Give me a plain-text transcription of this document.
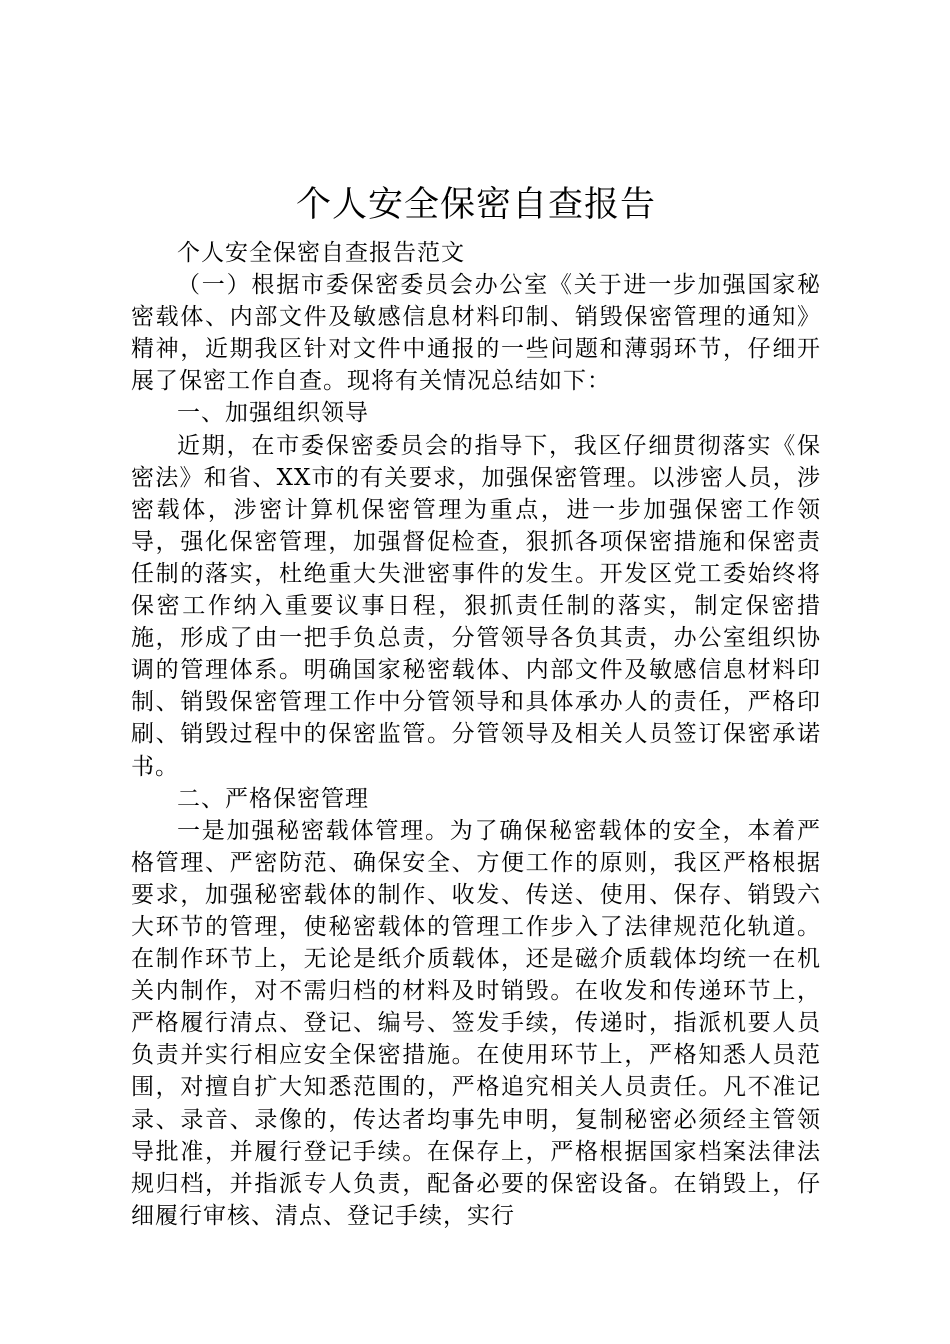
个人安全保密自查报告

个人安全保密自查报告范文

（一）根据市委保密委员会办公室《关于进一步加强国家秘密载体、内部文件及敏感信息材料印制、销毁保密管理的通知》精神，近期我区针对文件中通报的一些问题和薄弱环节，仔细开展了保密工作自查。现将有关情况总结如下：

一、加强组织领导

近期，在市委保密委员会的指导下，我区仔细贯彻落实《保密法》和省、XX市的有关要求，加强保密管理。以涉密人员，涉密载体，涉密计算机保密管理为重点，进一步加强保密工作领导，强化保密管理，加强督促检查，狠抓各项保密措施和保密责任制的落实，杜绝重大失泄密事件的发生。开发区党工委始终将保密工作纳入重要议事日程，狠抓责任制的落实，制定保密措施，形成了由一把手负总责，分管领导各负其责，办公室组织协调的管理体系。明确国家秘密载体、内部文件及敏感信息材料印制、销毁保密管理工作中分管领导和具体承办人的责任，严格印刷、销毁过程中的保密监管。分管领导及相关人员签订保密承诺书。

二、严格保密管理

一是加强秘密载体管理。为了确保秘密载体的安全，本着严格管理、严密防范、确保安全、方便工作的原则，我区严格根据要求，加强秘密载体的制作、收发、传送、使用、保存、销毁六大环节的管理，使秘密载体的管理工作步入了法律规范化轨道。在制作环节上，无论是纸介质载体，还是磁介质载体均统一在机关内制作，对不需归档的材料及时销毁。在收发和传递环节上，严格履行清点、登记、编号、签发手续，传递时，指派机要人员负责并实行相应安全保密措施。在使用环节上，严格知悉人员范围，对擅自扩大知悉范围的，严格追究相关人员责任。凡不准记录、录音、录像的，传达者均事先申明，复制秘密必须经主管领导批准，并履行登记手续。在保存上，严格根据国家档案法律法规归档，并指派专人负责，配备必要的保密设备。在销毁上，仔细履行审核、清点、登记手续，实行
